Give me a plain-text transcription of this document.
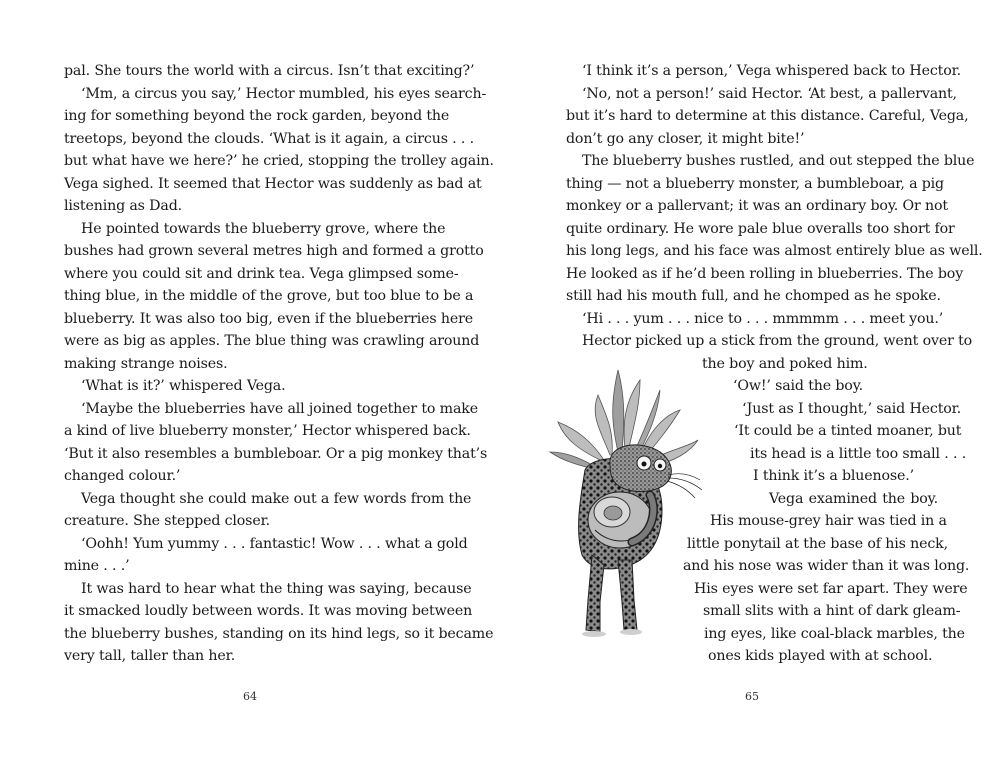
pal. She tours the world with a circus. Isn’t that exciting?’
‘Mm, a circus you say,’ Hector mumbled, his eyes search-
ing for something beyond the rock garden, beyond the
treetops, beyond the clouds. ‘What is it again, a circus . . .
but what have we here?’ he cried, stopping the trolley again.
Vega sighed. It seemed that Hector was suddenly as bad at
listening as Dad.
He pointed towards the blueberry grove, where the
bushes had grown several metres high and formed a grotto
where you could sit and drink tea. Vega glimpsed some-
thing blue, in the middle of the grove, but too blue to be a
blueberry. It was also too big, even if the blueberries here
were as big as apples. The blue thing was crawling around
making strange noises.
‘What is it?’ whispered Vega.
‘Maybe the blueberries have all joined together to make
a kind of live blueberry monster,’ Hector whispered back.
‘But it also resembles a bumbleboar. Or a pig monkey that’s
changed colour.’
Vega thought she could make out a few words from the
creature. She stepped closer.
‘Oohh! Yum yummy . . . fantastic! Wow . . . what a gold
mine . . .’
It was hard to hear what the thing was saying, because
it smacked loudly between words. It was moving between
the blueberry bushes, standing on its hind legs, so it became
very tall, taller than her.
64
‘I think it’s a person,’ Vega whispered back to Hector.
‘No, not a person!’ said Hector. ‘At best, a pallervant,
but it’s hard to determine at this distance. Careful, Vega,
don’t go any closer, it might bite!’
The blueberry bushes rustled, and out stepped the blue
thing — not a blueberry monster, a bumbleboar, a pig
monkey or a pallervant; it was an ordinary boy. Or not
quite ordinary. He wore pale blue overalls too short for
his long legs, and his face was almost entirely blue as well.
He looked as if he’d been rolling in blueberries. The boy
still had his mouth full, and he chomped as he spoke.
‘Hi . . . yum . . . nice to . . . mmmmm . . . meet you.’
Hector picked up a stick from the ground, went over to
the boy and poked him.
‘Ow!’ said the boy.
‘Just as I thought,’ said Hector.
‘It could be a tinted moaner, but
its head is a little too small . . .
I think it’s a bluenose.’
Vega examined the boy.
His mouse-grey hair was tied in a
little ponytail at the base of his neck,
and his nose was wider than it was long.
His eyes were set far apart. They were
small slits with a hint of dark gleam-
ing eyes, like coal-black marbles, the
ones kids played with at school.
65
